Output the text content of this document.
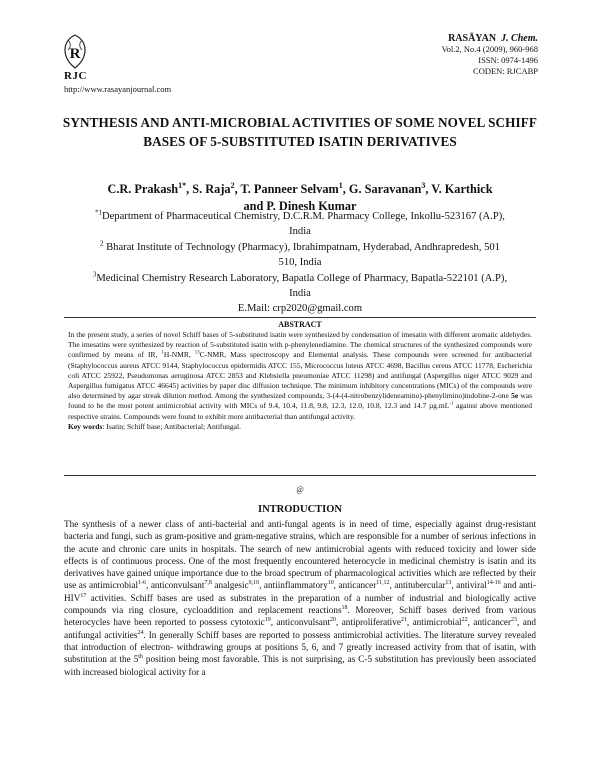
R
RJC
http://www.rasayanjournal.com
RASĀYAN J. Chem.
Vol.2, No.4 (2009), 960-968
ISSN: 0974-1496
CODEN: RJCABP
SYNTHESIS AND ANTI-MICROBIAL ACTIVITIES OF SOME NOVEL SCHIFF BASES OF 5-SUBSTITUTED ISATIN DERIVATIVES
C.R. Prakash$^{1*}$, S. Raja$^2$, T. Panneer Selvam$^1$, G. Saravanan$^3$, V. Karthick
and P. Dinesh Kumar
$^{*1}$Department of Pharmaceutical Chemistry, D.C.R.M. Pharmacy College, Inkollu-523167 (A.P), India
$^2$ Bharat Institute of Technology (Pharmacy), Ibrahimpatnam, Hyderabad, Andhrapredesh, 501 510, India
$^3$Medicinal Chemistry Research Laboratory, Bapatla College of Pharmacy, Bapatla-522101 (A.P), India
E.Mail: crp2020@gmail.com
ABSTRACT
In the present study, a series of novel Schiff bases of 5-substituted isatin were synthesized by condensation of imesatin with different aromatic aldehydes. The imesatins were synthesized by reaction of 5-substituted isatin with p-phenylenediamine. The chemical structures of the synthesized compounds were confirmed by means of IR, $^1$H-NMR, $^{13}$C-NMR, Mass spectroscopy and Elemental analysis. These compounds were screened for antibacterial (Staphylococcus aureus ATCC 9144, Staphylococcus epidermidis ATCC 155, Micrococcus luteus ATCC 4698, Bacillus cereus ATCC 11778, Escherichia coli ATCC 25922, Pseudomonas aeruginosa ATCC 2853 and Klebsiella pneumoniae ATCC 11298) and antifungal (Aspergillus niger ATCC 9029 and Aspergillus fumigatus ATCC 46645) activities by paper disc diffusion technique. The minimum inhibitory concentrations (MICs) of the compounds were also determined by agar streak dilution method. Among the synthesized compounds, 3-(4-(4-nitrobenzylideneamino)-phenylimino)indoline-2-one 5e was found to be the most potent antimicrobial activity with MICs of 9.4, 10.4, 11.8, 9.8, 12.3, 12.0, 10.8, 12.3 and 14.7 $\mu g.mL^{-1}$ against above mentioned respective strains. Compounds were found to exhibit more antibacterial than antifungal activity.
Key words: Isatin; Schiff base; Antibacterial; Antifungal.
@
INTRODUCTION
The synthesis of a newer class of anti-bacterial and anti-fungal agents is in need of time, especially against drug-resistant bacteria and fungi, such as gram-positive and gram-negative strains, which are responsible for a number of serious infections in the acute and chronic care units in hospitals. The search of new antimicrobial agents with reduced toxicity and lower side effects is of continuous process. One of the most frequently encountered heterocycle in medicinal chemistry is isatin and its derivatives have gained unique importance due to the broad spectrum of pharmacological activities which are reflected by their use as antimicrobial$^{1-6}$, anticonvulsant$^{7,8}$ analgesic$^{9,10}$, antiinflammatory$^{10}$, anticancer$^{11,12}$, antitubercular$^{13}$, antiviral$^{14-16}$ and anti-HIV$^{17}$ activities. Schiff bases are used as substrates in the preparation of a number of industrial and biologically active compounds via ring closure, cycloaddition and replacement reactions$^{18}$. Moreover, Schiff bases derived from various heterocycles have been reported to possess cytotoxic$^{19}$, anticonvulsant$^{20}$, antiproliferative$^{21}$, antimicrobial$^{22}$, anticancer$^{23}$, and antifungal activities$^{24}$. In generally Schiff bases are reported to possess antimicrobial activities. The literature survey revealed that introduction of electron- withdrawing groups at positions 5, 6, and 7 greatly increased activity from that of isatin, with substitution at the 5th position being most favorable. This is not surprising, as C-5 substitution has previously been associated with increased biological activity for a
